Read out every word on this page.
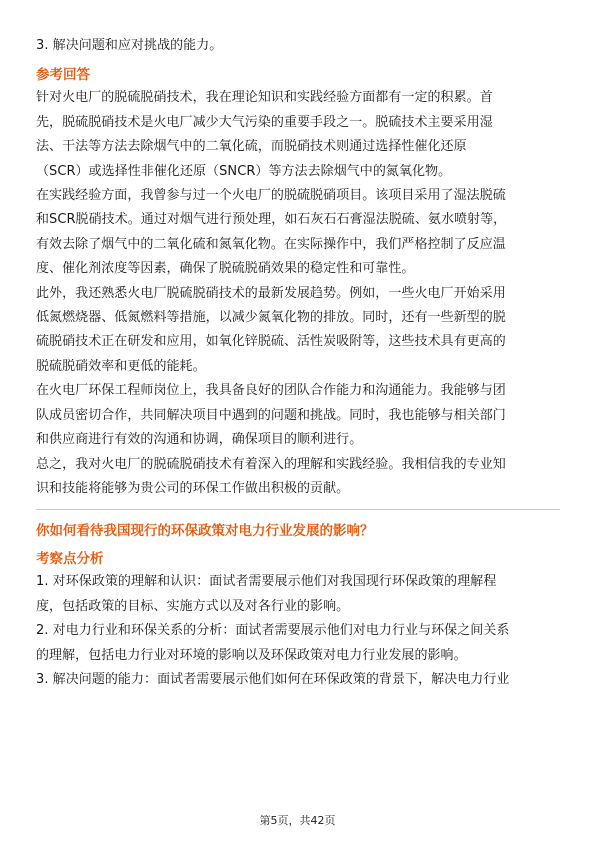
3. 解决问题和应对挑战的能力。

参考回答

针对火电厂的脱硫脱硝技术，我在理论知识和实践经验方面都有一定的积累。首

先，脱硫脱硝技术是火电厂减少大气污染的重要手段之一。脱硫技术主要采用湿

法、干法等方法去除烟气中的二氧化硫，而脱硝技术则通过选择性催化还原

（SCR）或选择性非催化还原（SNCR）等方法去除烟气中的氮氧化物。

在实践经验方面，我曾参与过一个火电厂的脱硫脱硝项目。该项目采用了湿法脱硫

和SCR脱硝技术。通过对烟气进行预处理，如石灰石石膏湿法脱硫、氨水喷射等，

有效去除了烟气中的二氧化硫和氮氧化物。在实际操作中，我们严格控制了反应温

度、催化剂浓度等因素，确保了脱硫脱硝效果的稳定性和可靠性。

此外，我还熟悉火电厂脱硫脱硝技术的最新发展趋势。例如，一些火电厂开始采用

低氮燃烧器、低氮燃料等措施，以减少氮氧化物的排放。同时，还有一些新型的脱

硫脱硝技术正在研发和应用，如氧化锌脱硫、活性炭吸附等，这些技术具有更高的

脱硫脱硝效率和更低的能耗。

在火电厂环保工程师岗位上，我具备良好的团队合作能力和沟通能力。我能够与团

队成员密切合作，共同解决项目中遇到的问题和挑战。同时，我也能够与相关部门

和供应商进行有效的沟通和协调，确保项目的顺利进行。

总之，我对火电厂的脱硫脱硝技术有着深入的理解和实践经验。我相信我的专业知

识和技能将能够为贵公司的环保工作做出积极的贡献。

你如何看待我国现行的环保政策对电力行业发展的影响？

考察点分析

1. 对环保政策的理解和认识：面试者需要展示他们对我国现行环保政策的理解程

度，包括政策的目标、实施方式以及对各行业的影响。

2. 对电力行业和环保关系的分析：面试者需要展示他们对电力行业与环保之间关系

的理解，包括电力行业对环境的影响以及环保政策对电力行业发展的影响。

3. 解决问题的能力：面试者需要展示他们如何在环保政策的背景下，解决电力行业

第5页，共42页
